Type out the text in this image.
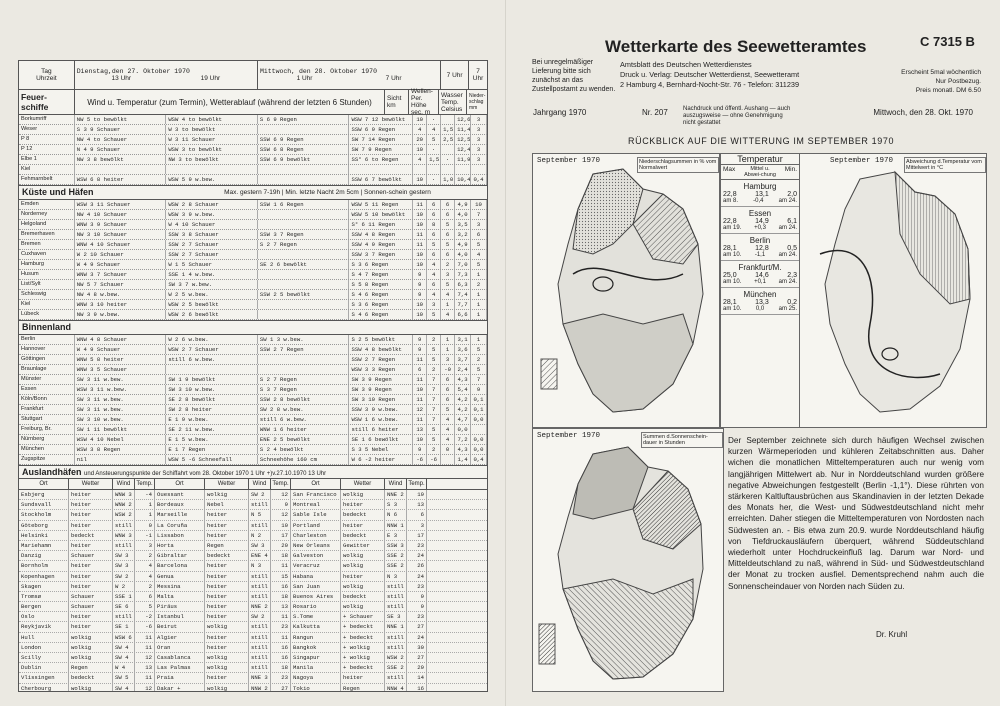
Tag
Uhrzeit
Dienstag,den 27. Oktober 1970
13 Uhr	19 Uhr
Mittwoch, den 28. Oktober 1970
1 Uhr	7 Uhr	7 Uhr	7 Uhr
Feuer-schiffe	Wind u. Temperatur (zum Termin), Wetterablauf (während der letzten 6 Stunden)	Sicht km
Wellen- Per. Höhe sec. m
Wasser Temp. Celsius
Nieder-schlag mm
Borkumriff	NW 5 to bewölkt	WSW 4 to bewölkt	S 6 9 Regen	WSW 7 12 bewölkt	10	·	12,6	3
Weser	S 3 9 Schauer	W 3 to bewölkt	SSW 6 9 Regen	4	4	1,5 11,4	3
P 8	NW 4 to Schauer	W 3 11 Schauer	SSW 6 9 Regen	SW 7 14 Regen	20	5	2,5 12,5	3
P 12	N 4 9 Schauer	WSW 3 to bewölkt	SSW 6 8 Regen	SW 7 9 Regen	10	·	12,4	3
Elbe 1	NW 3 8 bewölkt	NW 3 to bewölkt	SSW 6 9 bewölkt	SS° 6 to Regen	4	1,5	·	11,9	3
Kiel
Fehmarnbelt	WSW 6 8 heiter	WSW 5 9 w.bew.	SSW 6 7 bewölkt	10	·	1,0 10,4 0,4
Küste und Häfen	Max. gestern 7-19h | Min. letzte Nacht 2m 5cm | Sonnen-schein gestern
Emden	WSW 3 11 Schauer	WSW 2 8 Schauer	SSW 1 6 Regen	WSW 5 11 Regen	11	6	6	4,9	10
Norderney	NW 4 10 Schauer	WSW 3 9 w.bew.	WSW 5 10 bewölkt	10	6	6	4,0	7
Helgoland	WNW 3 9 Schauer	W 4 10 Schauer	S° 6 11 Regen	10	8	5	3,5	3
Bremerhaven	NW 3 10 Schauer	SSW 3 8 Schauer	SSW 3 7 Regen	SSW 4 8 Regen	11	6	6	3,2	6
Bremen	WNW 4 10 Schauer	SSW 2 7 Schauer	S 2 7 Regen	SSW 4 9 Regen	11	5	5	4,9	5
Cuxhaven	W 2 10 Schauer	SSW 2 7 Schauer	SSW 3 7 Regen	10	6	6	4,0	4
Hamburg	W 4 9 Schauer	W 1 5 Schauer	SE 2 6 bewölkt	S 3 6 Regen	10	4	2	7,0	5
Husum	WNW 3 7 Schauer	SSE 1 4 w.bew.	S 4 7 Regen	9	4	3	7,3	1
List/Sylt	NW 5 7 Schauer	SW 3 7 w.bew.	S 5 8 Regen	9	6	5	6,3	2
Schleswig	NW 4 8 w.bew.	W 2 5 w.bew.	SSW 2 5 bewölkt	S 4 6 Regen	9	4	4	7,4	1
Kiel	WNW 3 10 heiter	WSW 2 5 bewölkt	S 3 6 Regen	10	3	1	7,7	1
Lübeck	NW 3 9 w.bew.	WSW 2 6 bewölkt	S 4 6 Regen	10	5	4	6,6	1
Binnenland
Berlin	WNW 4 8 Schauer	W 2 6 w.bew.	SW 1 3 w.bew.	S 2 5 bewölkt	9	2	1	3,1	1
Hannover	W 4 9 Schauer	WSW 2 7 Schauer	SSW 2 7 Regen	SSW 4 8 bewölkt	9	5	1	3,6	5
Göttingen	WNW 5 8 heiter	still 6 w.bew.	SSW 2 7 Regen	11	5	3	3,7	2
Braunlage	WNW 3 5 Schauer	WSW 3 3 Regen	6	2	-0	2,4	5
Münster	SW 3 11 w.bew.	SW 1 9 bewölkt	S 2 7 Regen	SW 3 9 Regen	11	7	6	4,3	7
Essen	WSW 3 11 w.bew.	SW 3 10 w.bew.	S 3 7 Regen	SW 3 9 Regen	10	7	6	5,4	9
Köln/Bonn	SW 3 11 w.bew.	SE 2 8 bewölkt	SSW 2 8 bewölkt	SW 3 10 Regen	11	7	6	4,2	0,1
Frankfurt	SW 3 11 w.bew.	SW 2 8 heiter	SW 2 8 w.bew.	SSW 3 9 w.bew.	12	7	5	4,2	0,1
Stuttgart	SW 3 10 w.bew.	E 1 9 w.bew.	still 6 w.bew.	WSW 1 6 w.bew.	11	7	4	4,7	0,0
Freiburg, Br.	SW 1 11 bewölkt	SE 2 11 w.bew.	WNW 1 6 heiter	still 6 heiter	13	5	4	0,0
Nürnberg	WSW 4 10 Nebel	E 1 5 w.bew.	ENE 2 5 bewölkt	SE 1 6 bewölkt	10	5	4	7,2	0,0
München	WSW 3 8 Regen	E 1 7 Regen	S 2 4 bewölkt	S 3 5 Nebel	9	2	0	4,3	0,0
Zugspitze	nil	WSW 5 -6 Schneefall	Schneehöhe 160 cm	W 6 -2 heiter	-6	-6	1,4	0,4
Auslandhäfen und Ansteuerungspunkte der Schiffahrt vom 28. Oktober 1970 1 Uhr +)v.27.10.1970 13 Uhr
Ort	Wetter	Wind	Temp.	Ort	Wetter	Wind	Temp.	Ort	Wetter	Wind	Temp.
Esbjerg	heiter	WNW 3	-4 Ouessant	wolkig	SW 2	12 San Francisco	wolkig	NNE 2	19
Sundsvall	heiter	WNW 2	1 Bordeaux	Nebel	still	9 Montreal	heiter	S 3	13
Stockholm	heiter	WSW 2	1 Marseille	heiter	N 5	12 Sable Isle	bedeckt	N 6	6
Göteborg	heiter	still	0 La Coruña	heiter	still	10 Portland	heiter	NNW 1	3
Helsinki	bedeckt	WNW 3	-1 Lissabon	heiter	N 2	17 Charleston	bedeckt	E 3	17
Mariehamn	heiter	still	3 Horta	Regen	SW 3	20 New Orleans	Gewitter	SSW 3	23
Danzig	Schauer	SW 3	2 Gibraltar	bedeckt	ENE 4	18 Galveston	wolkig	SSE 2	24
Bornholm	heiter	SW 3	4 Barcelona	heiter	N 3	11 Veracruz	wolkig	SSE 2	26
Kopenhagen	heiter	SW 2	4 Genua	heiter	still	15 Habana	heiter	N 3	24
Skagen	heiter	W 2	2 Messina	heiter	still	16 San Juan	wolkig	still	23
Tromsø	Schauer	SSE 1	6 Malta	heiter	still	18 Buenos Aires	bedeckt	still	9
Bergen	Schauer	SE 6	5 Piräus	heiter	NNE 2	13 Rosario	wolkig	still	9
Oslo	heiter	still	-2 Istanbul	heiter	SW 2	11 S.Tome	+ Schauer	SE 3	23
Reykjavik	heiter	SE 1	-6 Beirut	wolkig	still	23 Kalkutta	+ bedeckt	NNE 1	27
Hull	wolkig	WSW 6	11 Algier	heiter	still	11 Rangun	+ bedeckt	still	24
London	wolkig	SW 4	11 Oran	heiter	still	16 Bangkok	+ wolkig	still	30
Scilly	wolkig	SW 4	12 Casablanca	wolkig	still	16 Singapur	+ wolkig	WSW 2	27
Dublin	Regen	W 4	13 Las Palmas	wolkig	still	18 Manila	+ bedeckt	SSE 2	29
Vlissingen	bedeckt	SW 5	11 Praia	heiter	NNE 3	23 Nagoya	heiter	still	14
Cherbourg	wolkig	SW 4	12 Dakar +	wolkig	NNW 2	27 Tokio	Regen	NNW 4	16
Wetterkarte des Seewetteramtes	C 7315 B
Bei unregelmäßiger
Lieferung bitte sich
zunächst an das
Zustellpostamt zu wenden.
Amtsblatt des Deutschen Wetterdienstes
Druck u. Verlag: Deutscher Wetterdienst, Seewetteramt
2 Hamburg 4, Bernhard-Nocht-Str. 76 - Telefon: 311239
Erscheint 5mal wöchentlich
Nur Postbezug.
Preis monatl. DM 6.50
Jahrgang 1970	Nr. 207	Mittwoch, den 28. Okt. 1970
Nachdruck und öffentl. Aushang — auch auszugsweise — ohne Genehmigung nicht gestattet
RÜCKBLICK AUF DIE WITTERUNG IM SEPTEMBER 1970
September 1970	Niederschlagsummen in % vom Normalwert
Temperatur
Max	Mittel u. Abwei-chung
Min.
Hamburg
22,8	13,1	2,0
am 8.	-0,4	am 24.
Essen
22,8	14,9	6,1
am 19. +0,3 am 24.
Berlin
28,1	12,8	0,5
am 10. -1,1 am 24.
Frankfurt/M.
25,0	14,6	2,3
am 10. +0,1 am 24.
München
28,1	13,3	0,2
am 10. 0,0 am 25.
September 1970	Abweichung d.Temperatur vom Mittelwert in °C
September 1970	Summen d.Sonnenschein-dauer in Stunden	Der September zeichnete sich durch häufigen Wechsel zwischen kurzen Wärmeperioden und kühleren Zeitabschnitten aus. Daher wichen die monatlichen Mitteltemperaturen auch nur wenig vom langjährigen Mittelwert ab. Nur in Norddeutschland wurden größere negative Abweichungen festgestellt (Berlin -1,1°). Diese rührten von stärkeren Kaltluftausbrüchen aus Skandinavien in der letzten Dekade des Monats her, die West- und Südwestdeutschland nicht mehr erreichten. Daher stiegen die Mitteltemperaturen von Nordosten nach Südwesten an. - Bis etwa zum 20.9. wurde Norddeutschland häufig von Tiefdruckausläufern überquert, während Süddeutschland wiederholt unter Hochdruckeinfluß lag. Darum war Nord- und Mitteldeutschland zu naß, während in Süd- und Südwestdeutschland der Monat zu trocken ausfiel. Dementsprechend nahm auch die Sonnenscheindauer von Norden nach Süden zu.
Dr. Kruhl
